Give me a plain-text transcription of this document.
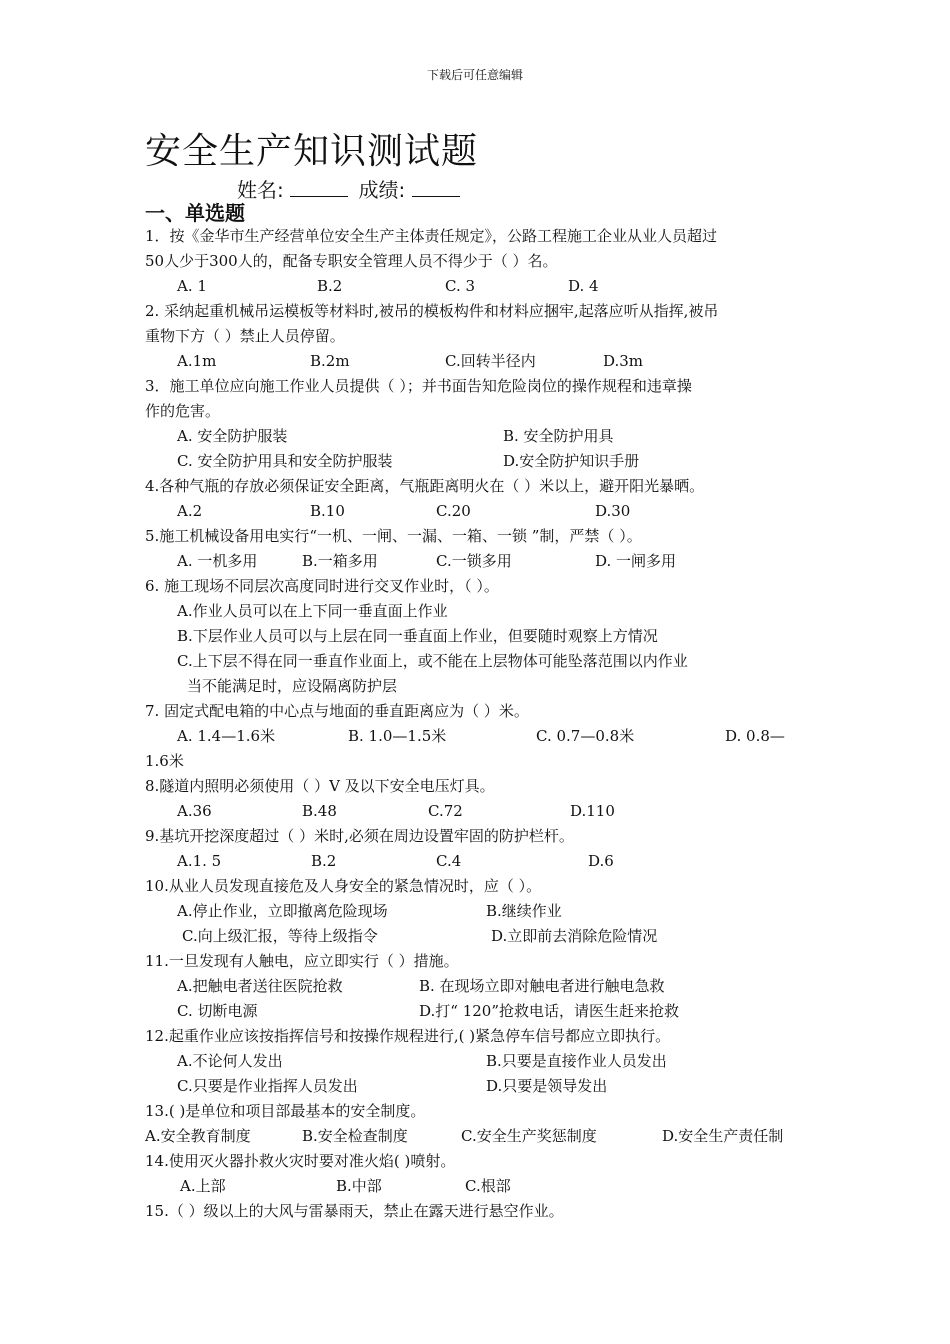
下载后可任意编辑
安全生产知识测试题
姓名:	成绩:
一、单选题
1．按《金华市生产经营单位安全生产主体责任规定》，公路工程施工企业从业人员超过
50人少于300人的，配备专职安全管理人员不得少于（ ）名。
A. 1	B.2	C. 3	D. 4
2. 采纳起重机械吊运模板等材料时,被吊的模板构件和材料应捆牢,起落应听从指挥,被吊
重物下方（ ）禁止人员停留。
A.1m	B.2m	C.回转半径内	D.3m
3．施工单位应向施工作业人员提供（ ）；并书面告知危险岗位的操作规程和违章操
作的危害。
A. 安全防护服装	B. 安全防护用具
C. 安全防护用具和安全防护服装	D.安全防护知识手册
4.各种气瓶的存放必须保证安全距离，气瓶距离明火在（ ）米以上，避开阳光暴晒。
A.2	B.10	C.20	D.30
5.施工机械设备用电实行“一机、一闸、一漏、一箱、一锁 ”制，严禁（ ）。
A. 一机多用	B.一箱多用	C.一锁多用	D. 一闸多用
6. 施工现场不同层次高度同时进行交叉作业时，（ ）。
A.作业人员可以在上下同一垂直面上作业
B.下层作业人员可以与上层在同一垂直面上作业，但要随时观察上方情况
C.上下层不得在同一垂直作业面上，或不能在上层物体可能坠落范围以内作业
当不能满足时，应设隔离防护层
7. 固定式配电箱的中心点与地面的垂直距离应为（ ）米。
A. 1.4—1.6米	B. 1.0—1.5米	C. 0.7—0.8米	D. 0.8—
1.6米
8.隧道内照明必须使用（ ）V 及以下安全电压灯具。
A.36	B.48	C.72	D.110
9.基坑开挖深度超过（ ）米时,必须在周边设置牢固的防护栏杆。
A.1. 5	B.2	C.4	D.6
10.从业人员发现直接危及人身安全的紧急情况时，应（ ）。
A.停止作业，立即撤离危险现场	B.继续作业
C.向上级汇报，等待上级指令	D.立即前去消除危险情况
11.一旦发现有人触电，应立即实行（ ）措施。
A.把触电者送往医院抢救	B. 在现场立即对触电者进行触电急救
C. 切断电源	D.打“ 120”抢救电话，请医生赶来抢救
12.起重作业应该按指挥信号和按操作规程进行,( )紧急停车信号都应立即执行。
A.不论何人发出	B.只要是直接作业人员发出
C.只要是作业指挥人员发出	D.只要是领导发出
13.( )是单位和项目部最基本的安全制度。
A.安全教育制度	B.安全检查制度	C.安全生产奖惩制度	D.安全生产责任制
14.使用灭火器扑救火灾时要对准火焰( )喷射。
A.上部	B.中部	C.根部
15.（ ）级以上的大风与雷暴雨天，禁止在露天进行悬空作业。
